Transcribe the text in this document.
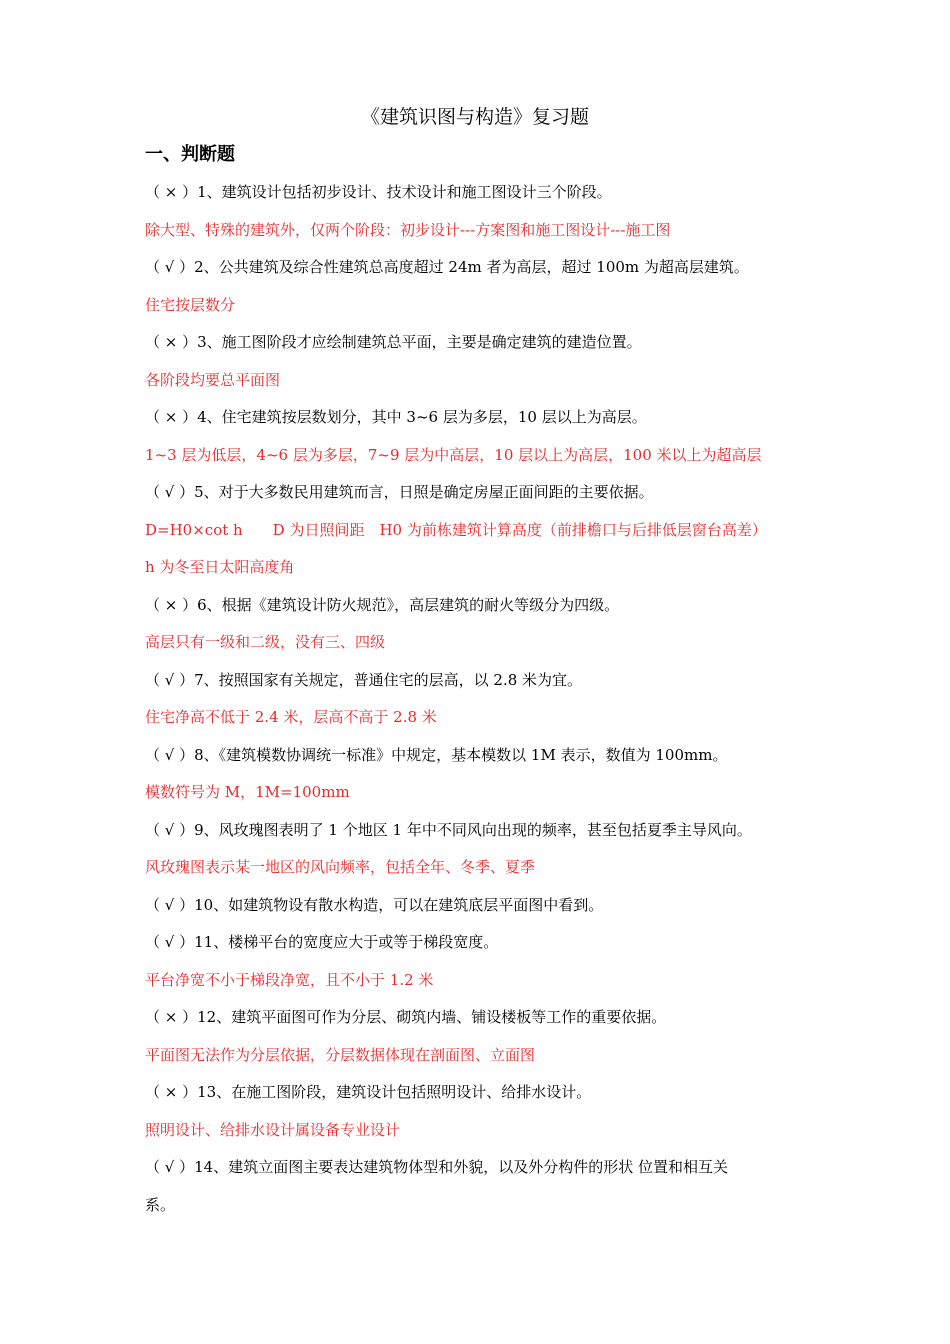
《建筑识图与构造》复习题
一、判断题
（ × ）1、建筑设计包括初步设计、技术设计和施工图设计三个阶段。
除大型、特殊的建筑外，仅两个阶段：初步设计---方案图和施工图设计---施工图
（ √ ）2、公共建筑及综合性建筑总高度超过 24m 者为高层，超过 100m 为超高层建筑。
住宅按层数分
（ × ）3、施工图阶段才应绘制建筑总平面，主要是确定建筑的建造位置。
各阶段均要总平面图
（ × ）4、住宅建筑按层数划分，其中 3~6 层为多层，10 层以上为高层。
1~3 层为低层，4~6 层为多层，7~9 层为中高层，10 层以上为高层，100 米以上为超高层
（ √ ）5、对于大多数民用建筑而言，日照是确定房屋正面间距的主要依据。
D=H0×cot h　　D 为日照间距　H0 为前栋建筑计算高度（前排檐口与后排低层窗台高差）
h 为冬至日太阳高度角
（ × ）6、根据《建筑设计防火规范》，高层建筑的耐火等级分为四级。
高层只有一级和二级，没有三、四级
（ √ ）7、按照国家有关规定，普通住宅的层高，以 2.8 米为宜。
住宅净高不低于 2.4 米，层高不高于 2.8 米
（ √ ）8、《建筑模数协调统一标准》中规定，基本模数以 1M 表示，数值为 100mm。
模数符号为 M，1M=100mm
（ √ ）9、风玫瑰图表明了 1 个地区 1 年中不同风向出现的频率，甚至包括夏季主导风向。
风玫瑰图表示某一地区的风向频率，包括全年、冬季、夏季
（ √ ）10、如建筑物设有散水构造，可以在建筑底层平面图中看到。
（ √ ）11、楼梯平台的宽度应大于或等于梯段宽度。
平台净宽不小于梯段净宽，且不小于 1.2 米
（ × ）12、建筑平面图可作为分层、砌筑内墙、铺设楼板等工作的重要依据。
平面图无法作为分层依据，分层数据体现在剖面图、立面图
（ × ）13、在施工图阶段，建筑设计包括照明设计、给排水设计。
照明设计、给排水设计属设备专业设计
（ √ ）14、建筑立面图主要表达建筑物体型和外貌，以及外分构件的形状 位置和相互关
系。
